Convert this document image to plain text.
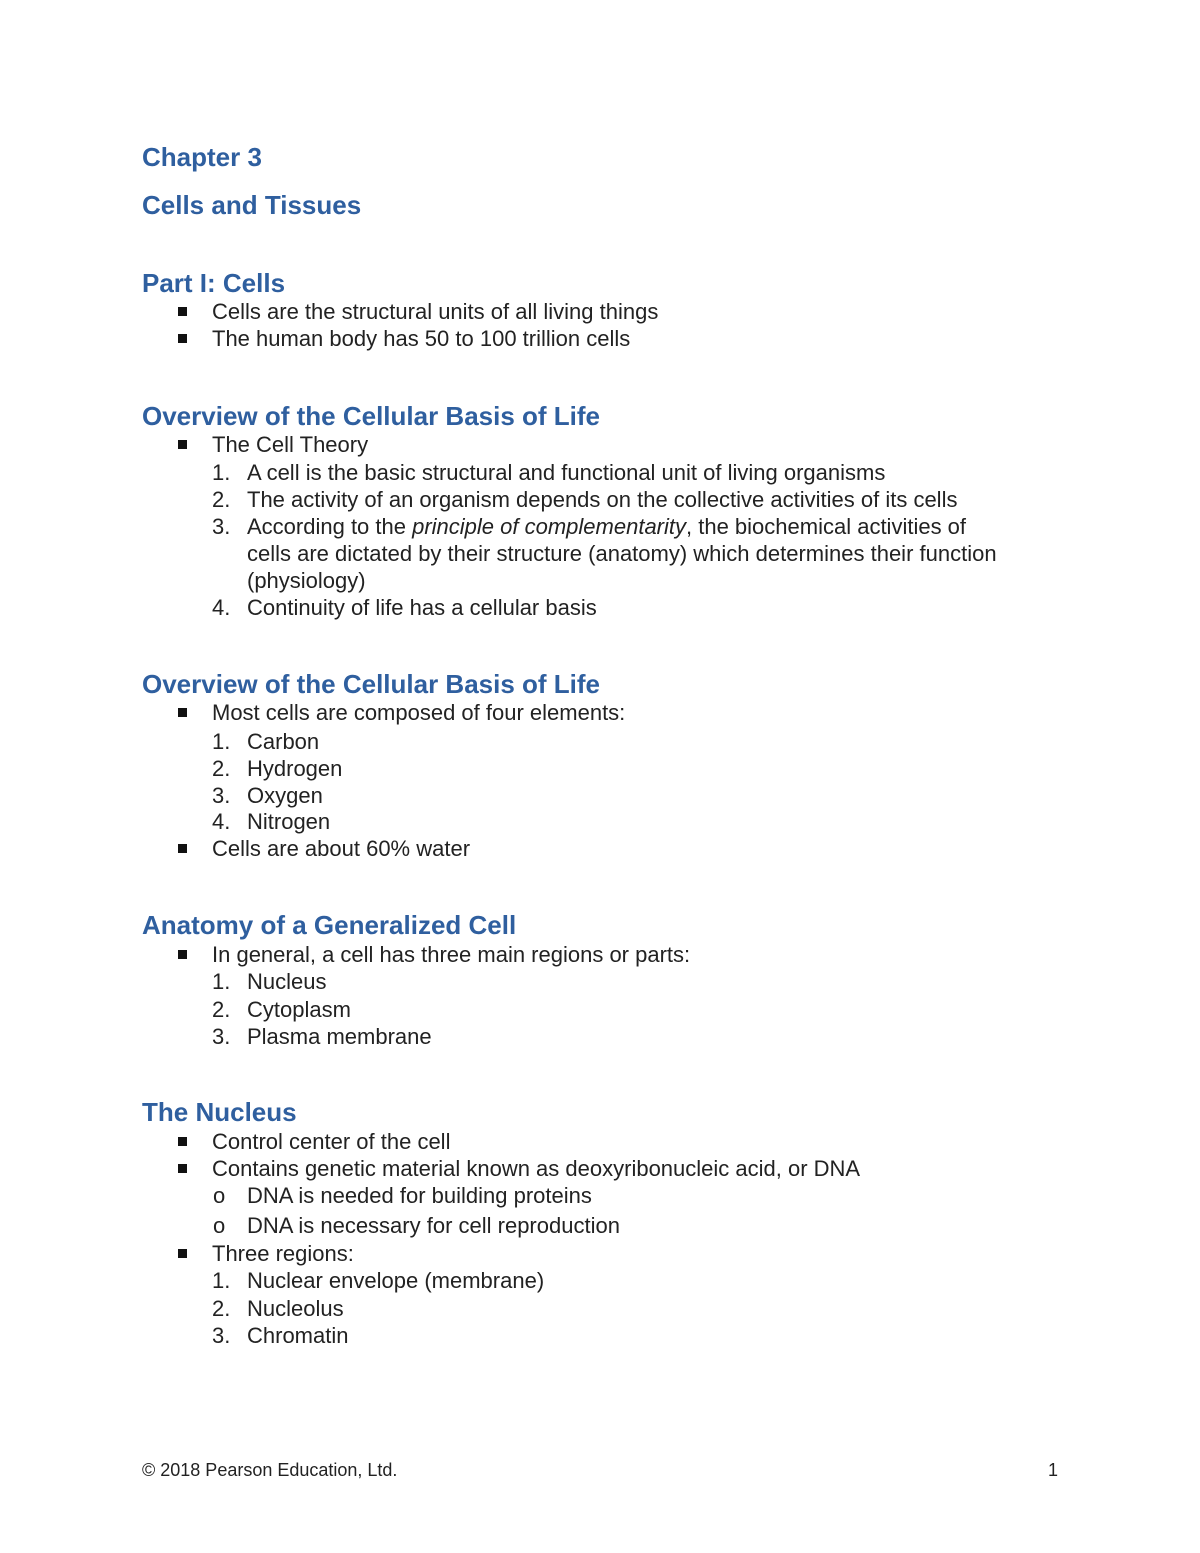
Chapter 3
Cells and Tissues
Part I: Cells
Cells are the structural units of all living things
The human body has 50 to 100 trillion cells
Overview of the Cellular Basis of Life
The Cell Theory
1. A cell is the basic structural and functional unit of living organisms
2. The activity of an organism depends on the collective activities of its cells
3. According to the principle of complementarity, the biochemical activities of
cells are dictated by their structure (anatomy) which determines their function
(physiology)
4. Continuity of life has a cellular basis
Overview of the Cellular Basis of Life
Most cells are composed of four elements:
1. Carbon
2. Hydrogen
3. Oxygen
4. Nitrogen
Cells are about 60% water
Anatomy of a Generalized Cell
In general, a cell has three main regions or parts:
1. Nucleus
2. Cytoplasm
3. Plasma membrane
The Nucleus
Control center of the cell
Contains genetic material known as deoxyribonucleic acid, or DNA
o DNA is needed for building proteins
o DNA is necessary for cell reproduction
Three regions:
1. Nuclear envelope (membrane)
2. Nucleolus
3. Chromatin
© 2018 Pearson Education, Ltd.	1
